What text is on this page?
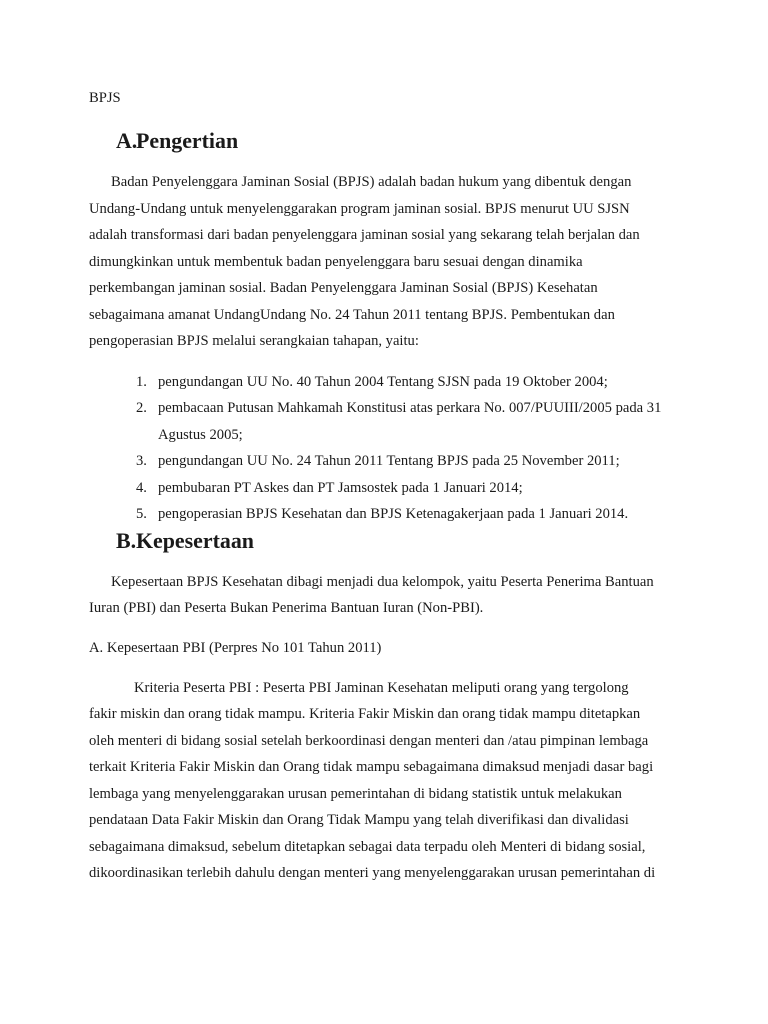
BPJS

A.
Pengertian

Badan Penyelenggara Jaminan Sosial (BPJS) adalah badan hukum yang dibentuk dengan

Undang-Undang untuk menyelenggarakan program jaminan sosial. BPJS menurut UU SJSN

adalah transformasi dari badan penyelenggara jaminan sosial yang sekarang telah berjalan dan

dimungkinkan untuk membentuk badan penyelenggara baru sesuai dengan dinamika

perkembangan jaminan sosial. Badan Penyelenggara Jaminan Sosial (BPJS) Kesehatan

sebagaimana amanat UndangUndang No. 24 Tahun 2011 tentang BPJS. Pembentukan dan

pengoperasian BPJS melalui serangkaian tahapan, yaitu:

1. pengundangan UU No. 40 Tahun 2004 Tentang SJSN pada 19 Oktober 2004;
2. pembacaan Putusan Mahkamah Konstitusi atas perkara No. 007/PUUIII/2005 pada 31
Agustus 2005;
3. pengundangan UU No. 24 Tahun 2011 Tentang BPJS pada 25 November 2011;
4. pembubaran PT Askes dan PT Jamsostek pada 1 Januari 2014;
5. pengoperasian BPJS Kesehatan dan BPJS Ketenagakerjaan pada 1 Januari 2014.
B. Kepesertaan

Kepesertaan BPJS Kesehatan dibagi menjadi dua kelompok, yaitu Peserta Penerima Bantuan

Iuran (PBI) dan Peserta Bukan Penerima Bantuan Iuran (Non-PBI).

A. Kepesertaan PBI (Perpres No 101 Tahun 2011)

Kriteria Peserta PBI : Peserta PBI Jaminan Kesehatan meliputi orang yang tergolong

fakir miskin dan orang tidak mampu. Kriteria Fakir Miskin dan orang tidak mampu ditetapkan

oleh menteri di bidang sosial setelah berkoordinasi dengan menteri dan /atau pimpinan lembaga

terkait Kriteria Fakir Miskin dan Orang tidak mampu sebagaimana dimaksud menjadi dasar bagi

lembaga yang menyelenggarakan urusan pemerintahan di bidang statistik untuk melakukan

pendataan Data Fakir Miskin dan Orang Tidak Mampu yang telah diverifikasi dan divalidasi

sebagaimana dimaksud, sebelum ditetapkan sebagai data terpadu oleh Menteri di bidang sosial,

dikoordinasikan terlebih dahulu dengan menteri yang menyelenggarakan urusan pemerintahan di
